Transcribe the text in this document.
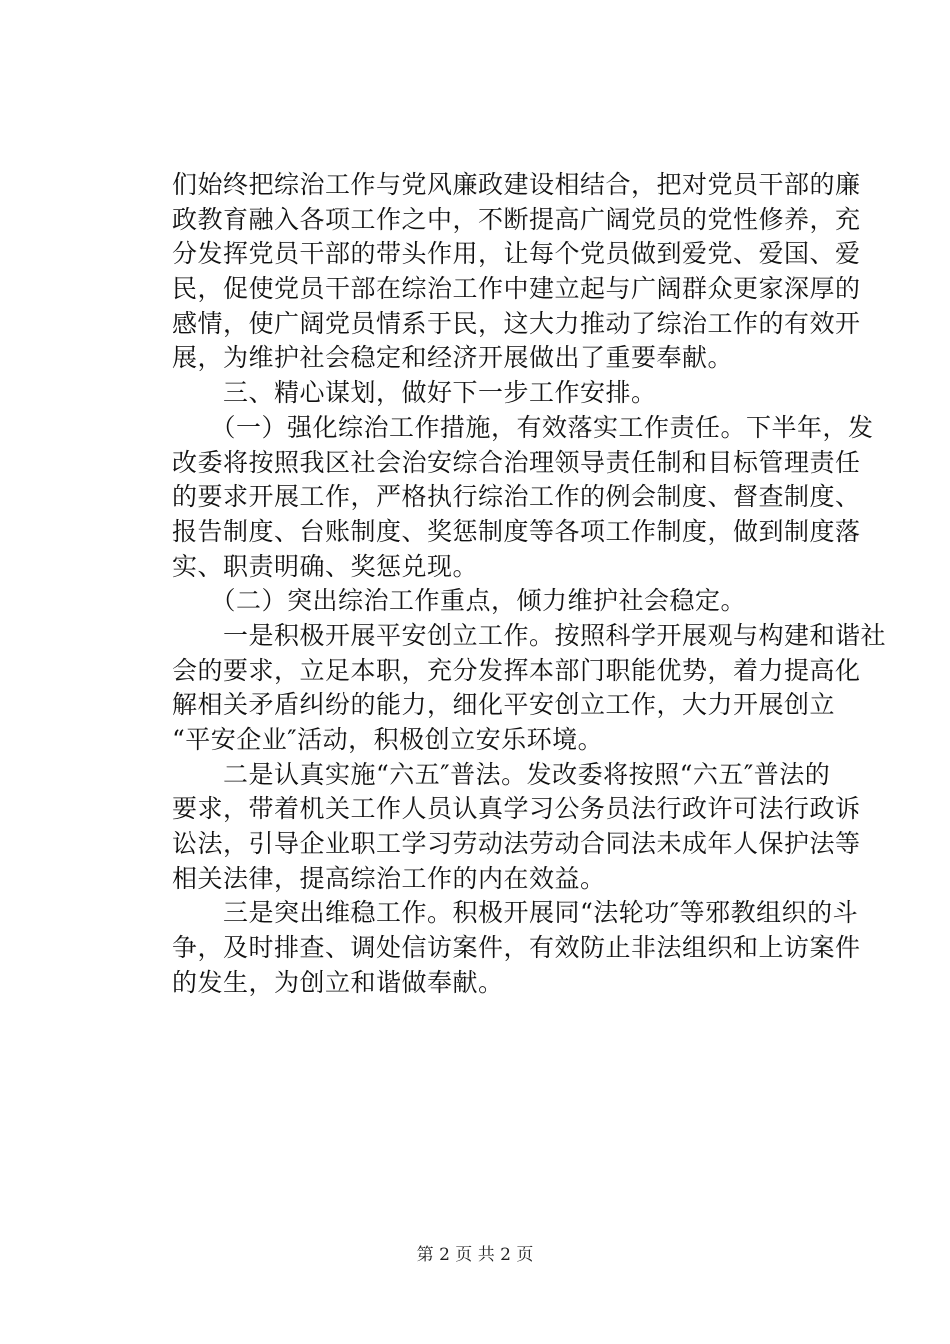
们始终把综治工作与党风廉政建设相结合，把对党员干部的廉
政教育融入各项工作之中，不断提高广阔党员的党性修养，充
分发挥党员干部的带头作用，让每个党员做到爱党、爱国、爱
民，促使党员干部在综治工作中建立起与广阔群众更家深厚的
感情，使广阔党员情系于民，这大力推动了综治工作的有效开
展，为维护社会稳定和经济开展做出了重要奉献。
　　三、精心谋划，做好下一步工作安排。
　　（一）强化综治工作措施，有效落实工作责任。下半年，发
改委将按照我区社会治安综合治理领导责任制和目标管理责任
的要求开展工作，严格执行综治工作的例会制度、督查制度、
报告制度、台账制度、奖惩制度等各项工作制度，做到制度落
实、职责明确、奖惩兑现。
　　（二）突出综治工作重点，倾力维护社会稳定。
　　一是积极开展平安创立工作。按照科学开展观与构建和谐社
会的要求，立足本职，充分发挥本部门职能优势，着力提高化
解相关矛盾纠纷的能力，细化平安创立工作，大力开展创立
“平安企业″活动，积极创立安乐环境。
　　二是认真实施“六五″普法。发改委将按照“六五″普法的
要求，带着机关工作人员认真学习公务员法行政许可法行政诉
讼法，引导企业职工学习劳动法劳动合同法未成年人保护法等
相关法律，提高综治工作的内在效益。
　　三是突出维稳工作。积极开展同“法轮功″等邪教组织的斗
争，及时排查、调处信访案件，有效防止非法组织和上访案件
的发生，为创立和谐做奉献。
第 2 页 共 2 页
